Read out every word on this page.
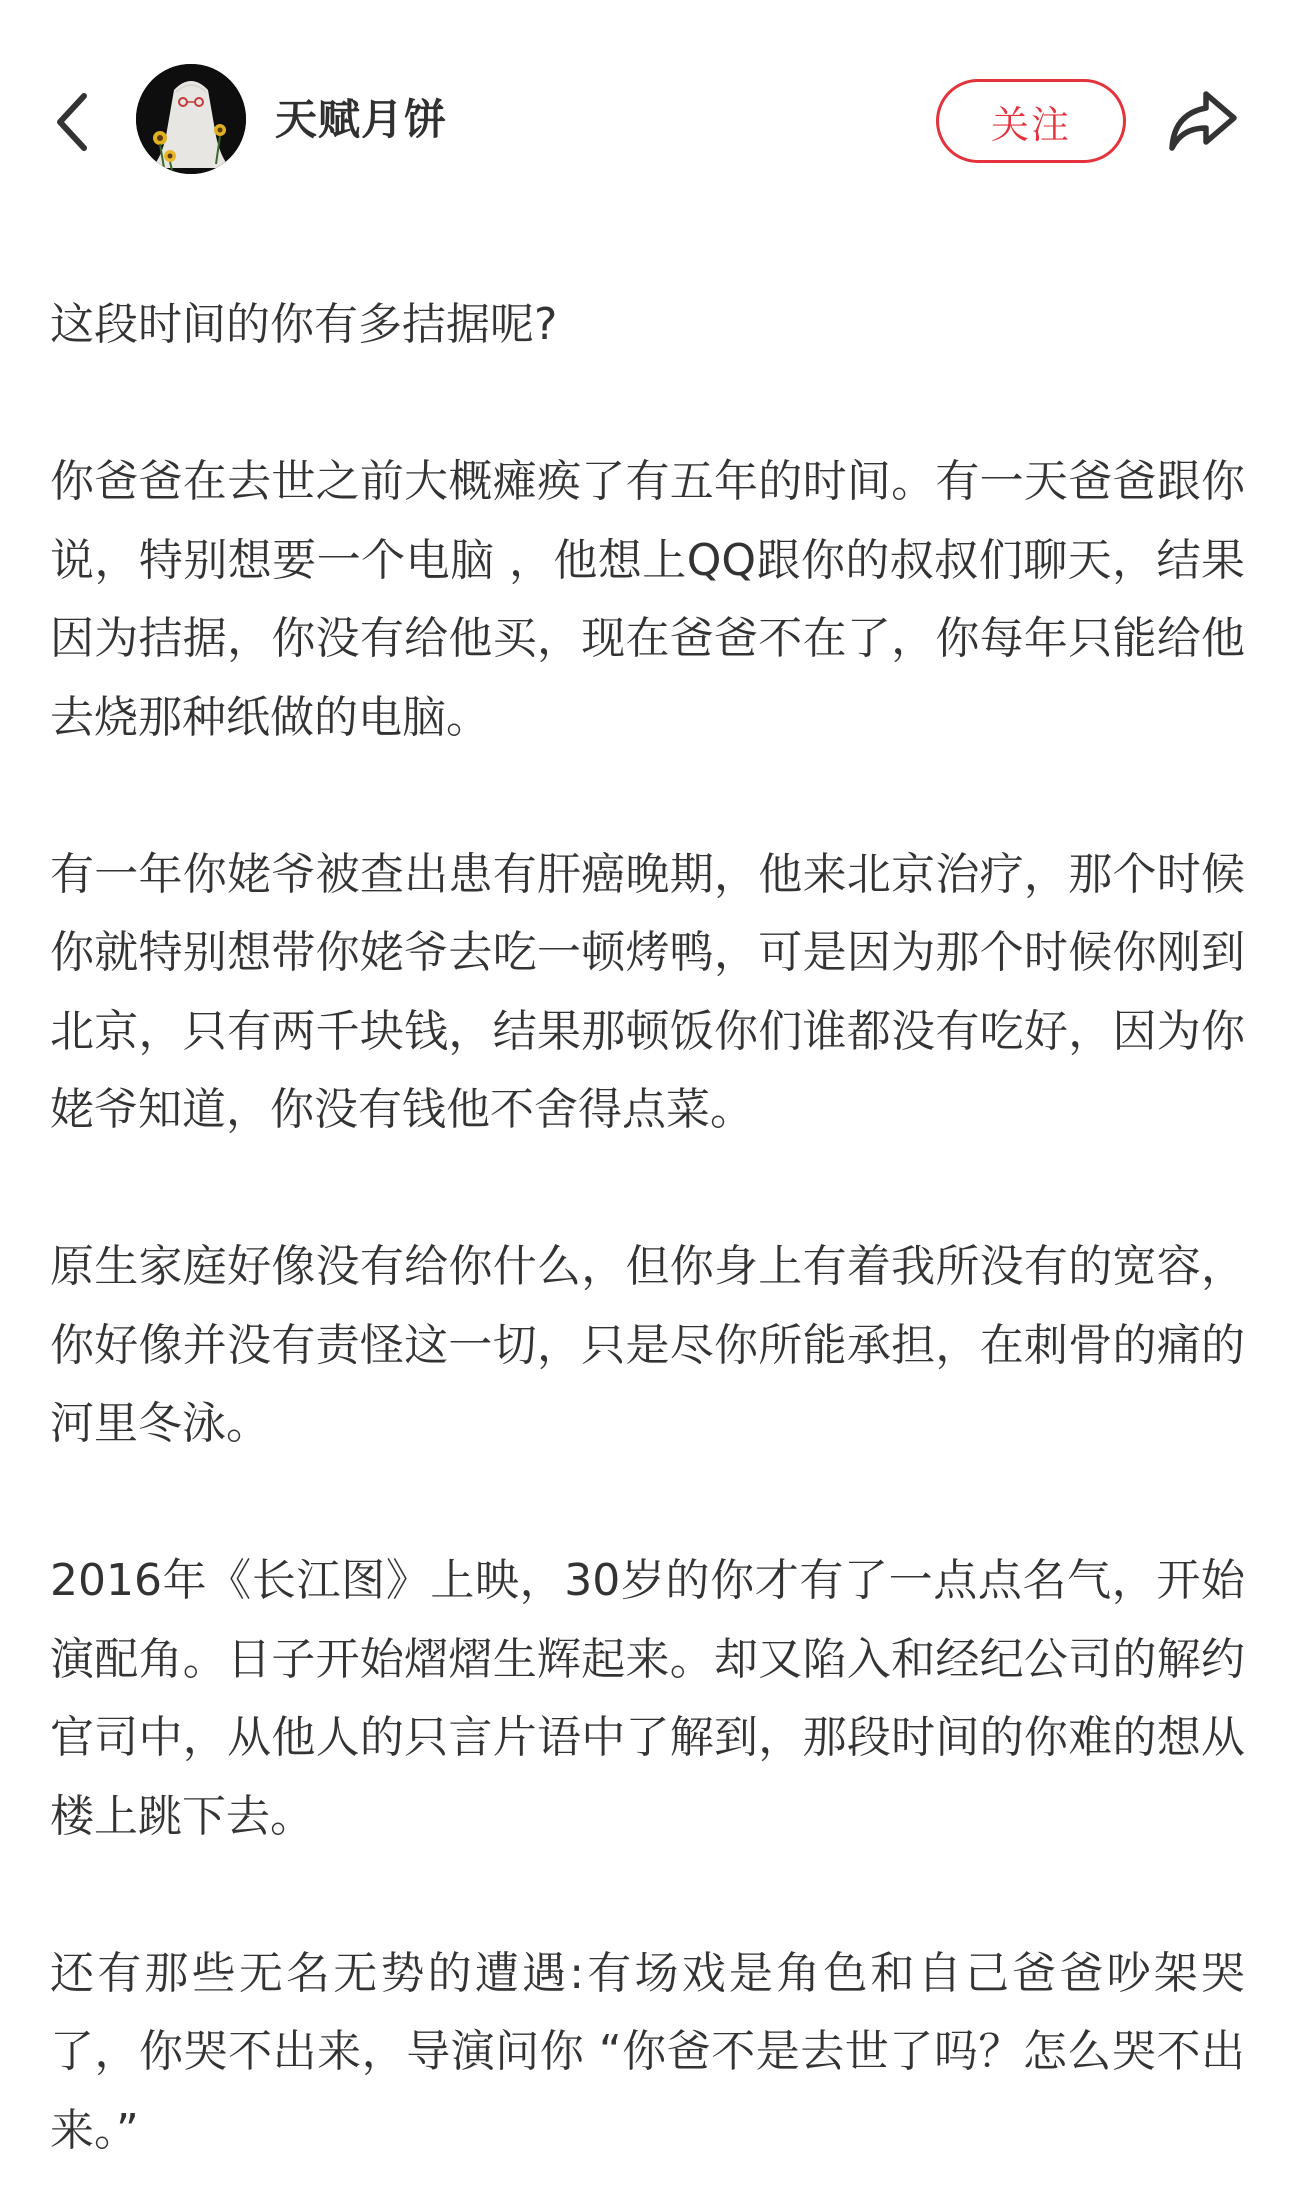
天赋月饼	关注

这段时间的你有多拮据呢?

你爸爸在去世之前大概瘫痪了有五年的时间。有一天爸爸跟你说，特别想要一个电脑 ，他想上QQ跟你的叔叔们聊天，结果因为拮据，你没有给他买，现在爸爸不在了，你每年只能给他去烧那种纸做的电脑。

有一年你姥爷被查出患有肝癌晚期，他来北京治疗，那个时候你就特别想带你姥爷去吃一顿烤鸭，可是因为那个时候你刚到北京，只有两千块钱，结果那顿饭你们谁都没有吃好，因为你姥爷知道，你没有钱他不舍得点菜。

原生家庭好像没有给你什么，但你身上有着我所没有的宽容，你好像并没有责怪这一切，只是尽你所能承担，在刺骨的痛的河里冬泳。

2016年《长江图》上映，30岁的你才有了一点点名气，开始演配角。日子开始熠熠生辉起来。却又陷入和经纪公司的解约官司中，从他人的只言片语中了解到，那段时间的你难的想从楼上跳下去。

还有那些无名无势的遭遇:有场戏是角色和自己爸爸吵架哭了，你哭不出来，导演问你 “你爸不是去世了吗？怎么哭不出来。”
